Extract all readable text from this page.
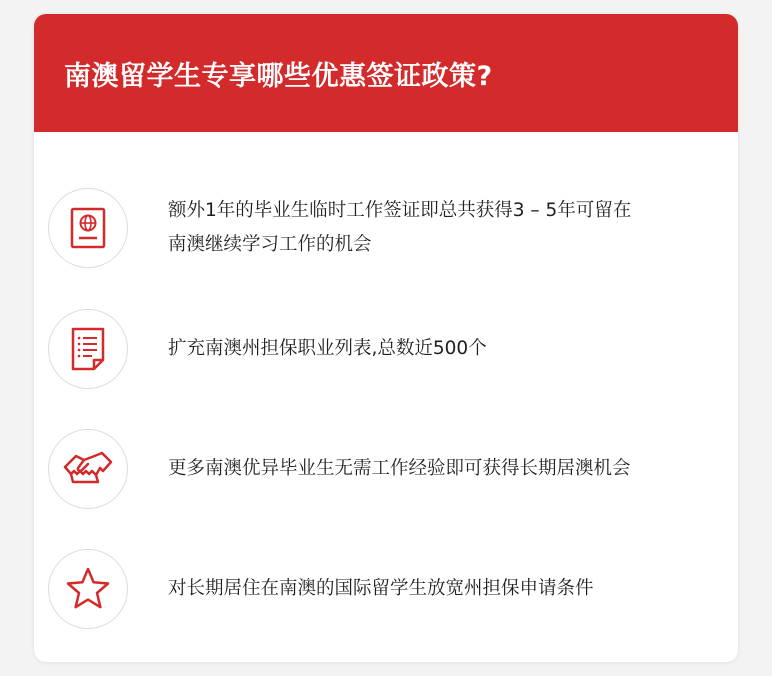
南澳留学生专享哪些优惠签证政策?
额外1年的毕业生临时工作签证即总共获得3 – 5年可留在南澳继续学习工作的机会
扩充南澳州担保职业列表,总数近500个
更多南澳优异毕业生无需工作经验即可获得长期居澳机会
对长期居住在南澳的国际留学生放宽州担保申请条件
